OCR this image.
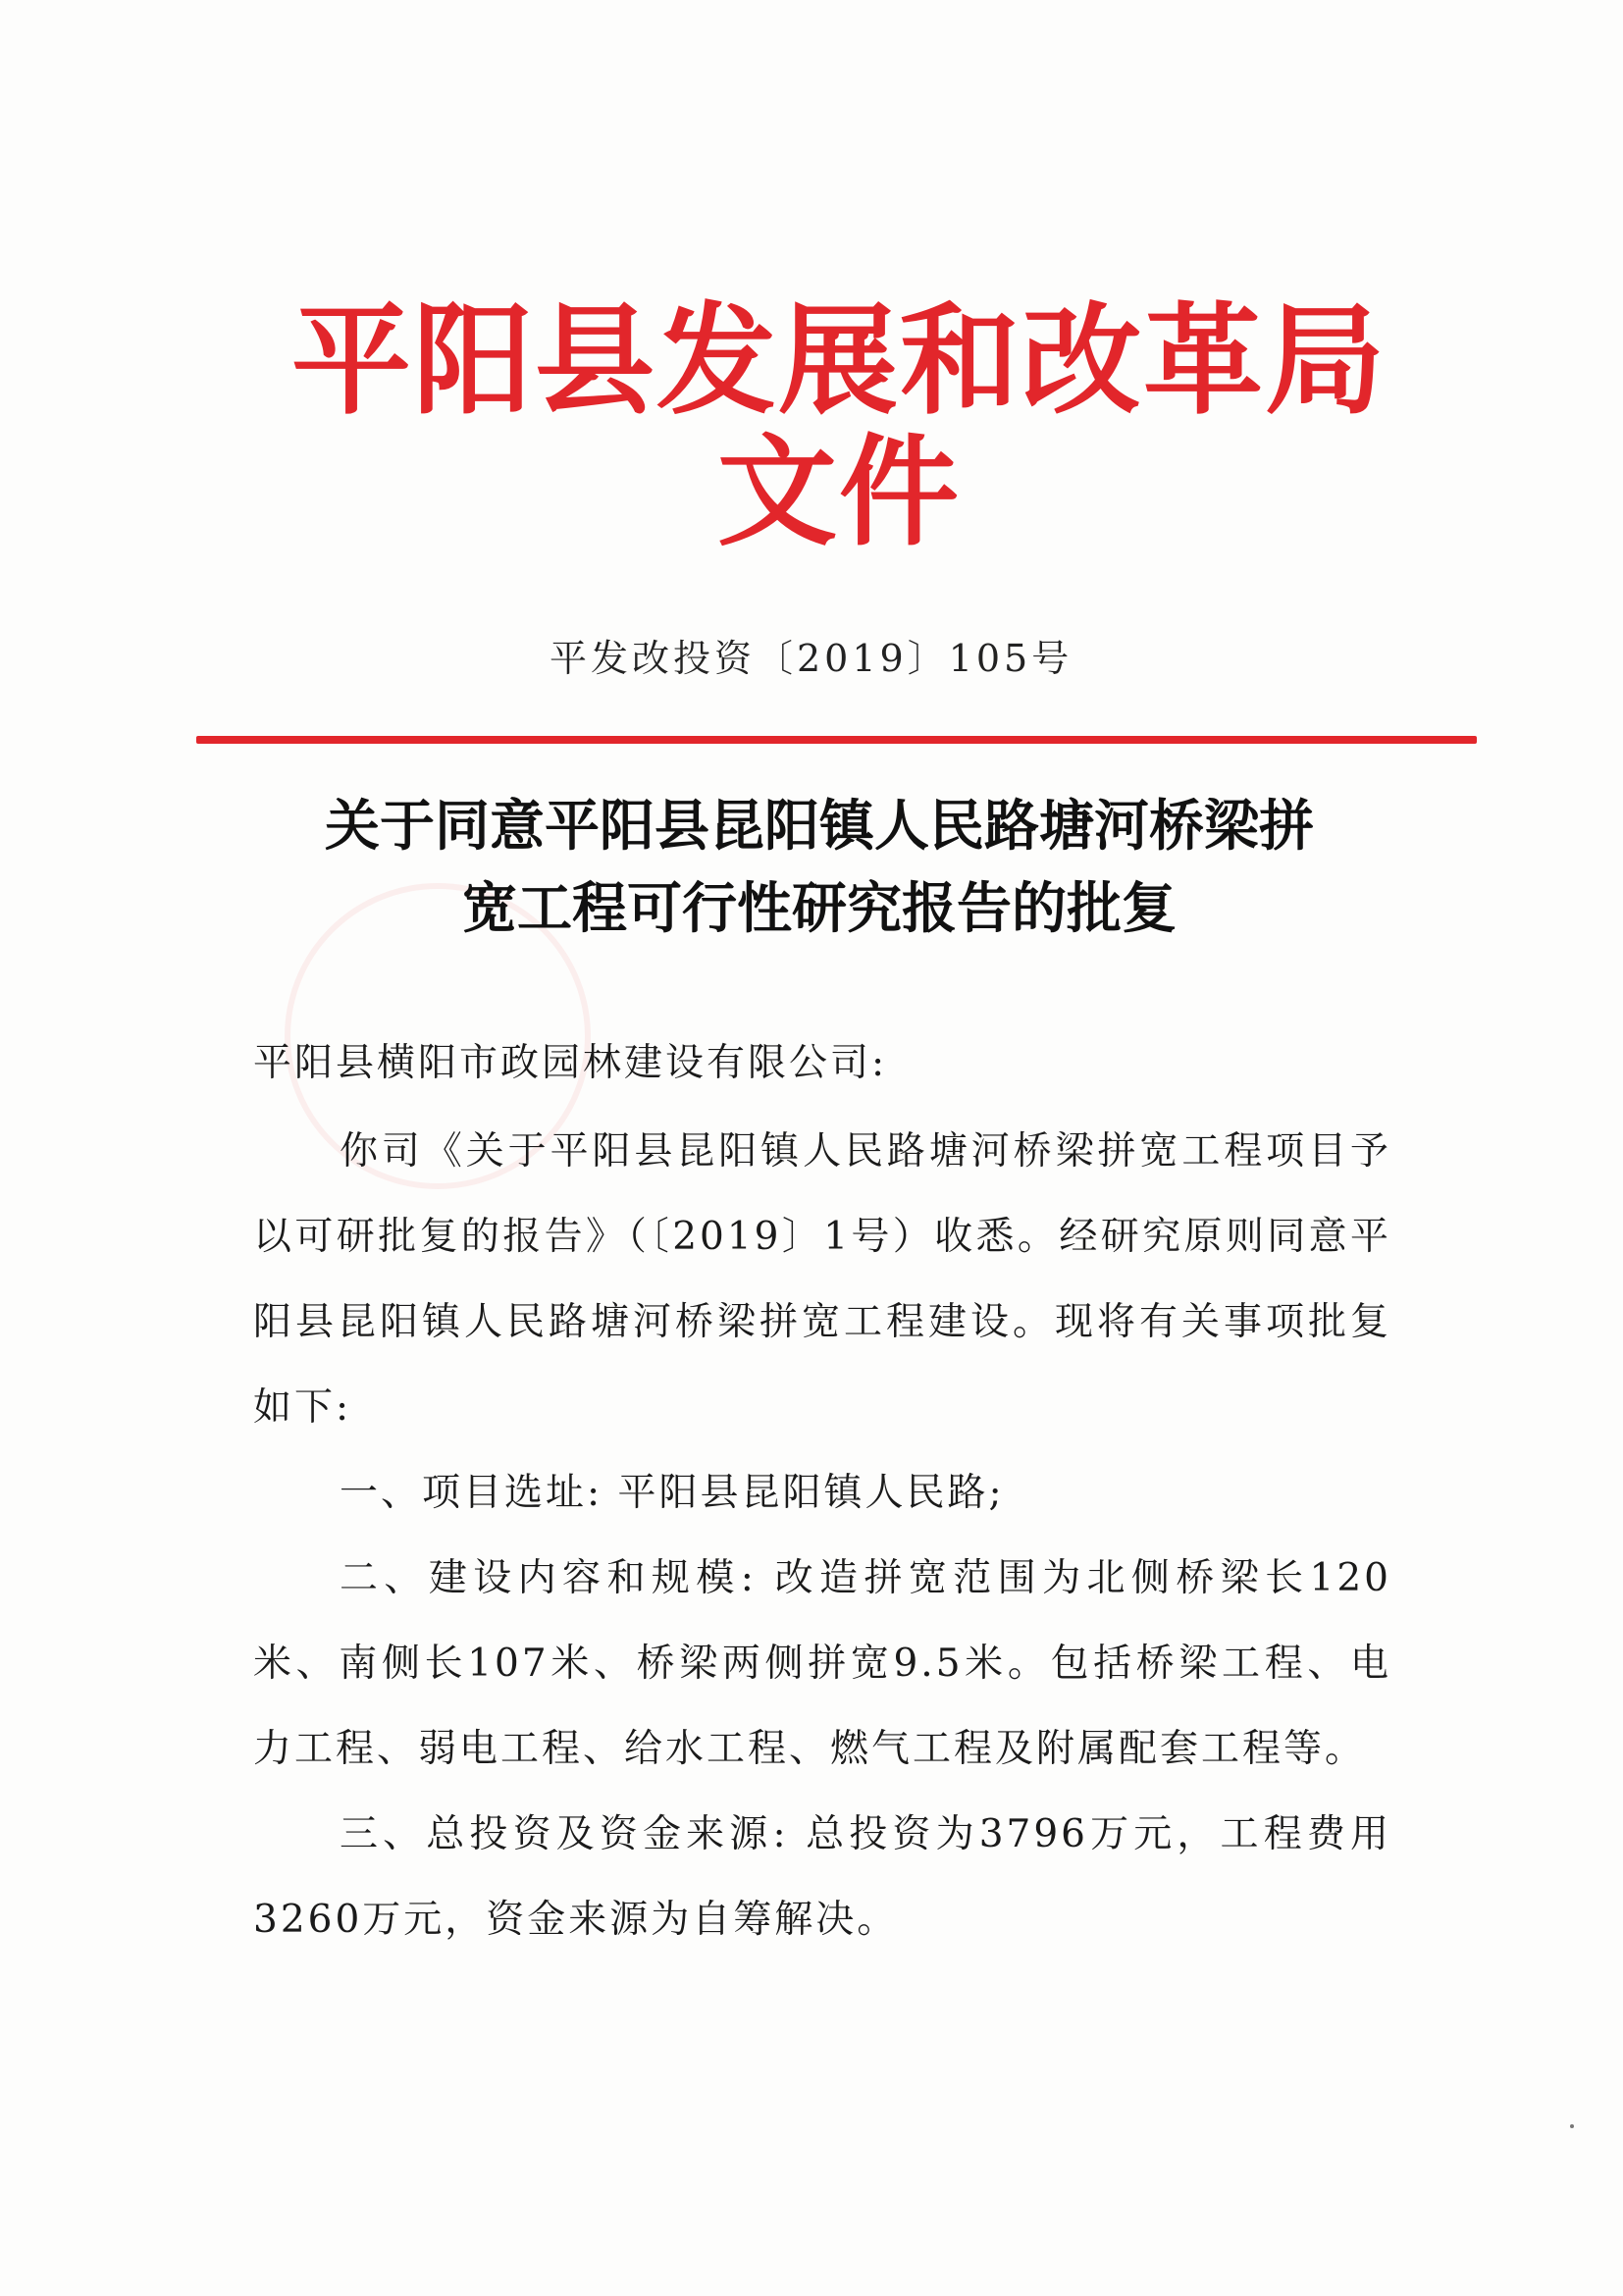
平阳县发展和改革局文件
平发改投资〔2019〕105号
关于同意平阳县昆阳镇人民路塘河桥梁拼
宽工程可行性研究报告的批复
平阳县横阳市政园林建设有限公司:

你司《关于平阳县昆阳镇人民路塘河桥梁拼宽工程项目予以可研批复的报告》（〔2019〕1号）收悉。经研究原则同意平阳县昆阳镇人民路塘河桥梁拼宽工程建设。现将有关事项批复如下:

一、项目选址: 平阳县昆阳镇人民路;

二、建设内容和规模: 改造拼宽范围为北侧桥梁长120米、南侧长107米、桥梁两侧拼宽9.5米。包括桥梁工程、电力工程、弱电工程、给水工程、燃气工程及附属配套工程等。

三、总投资及资金来源: 总投资为3796万元，工程费用3260万元，资金来源为自筹解决。
